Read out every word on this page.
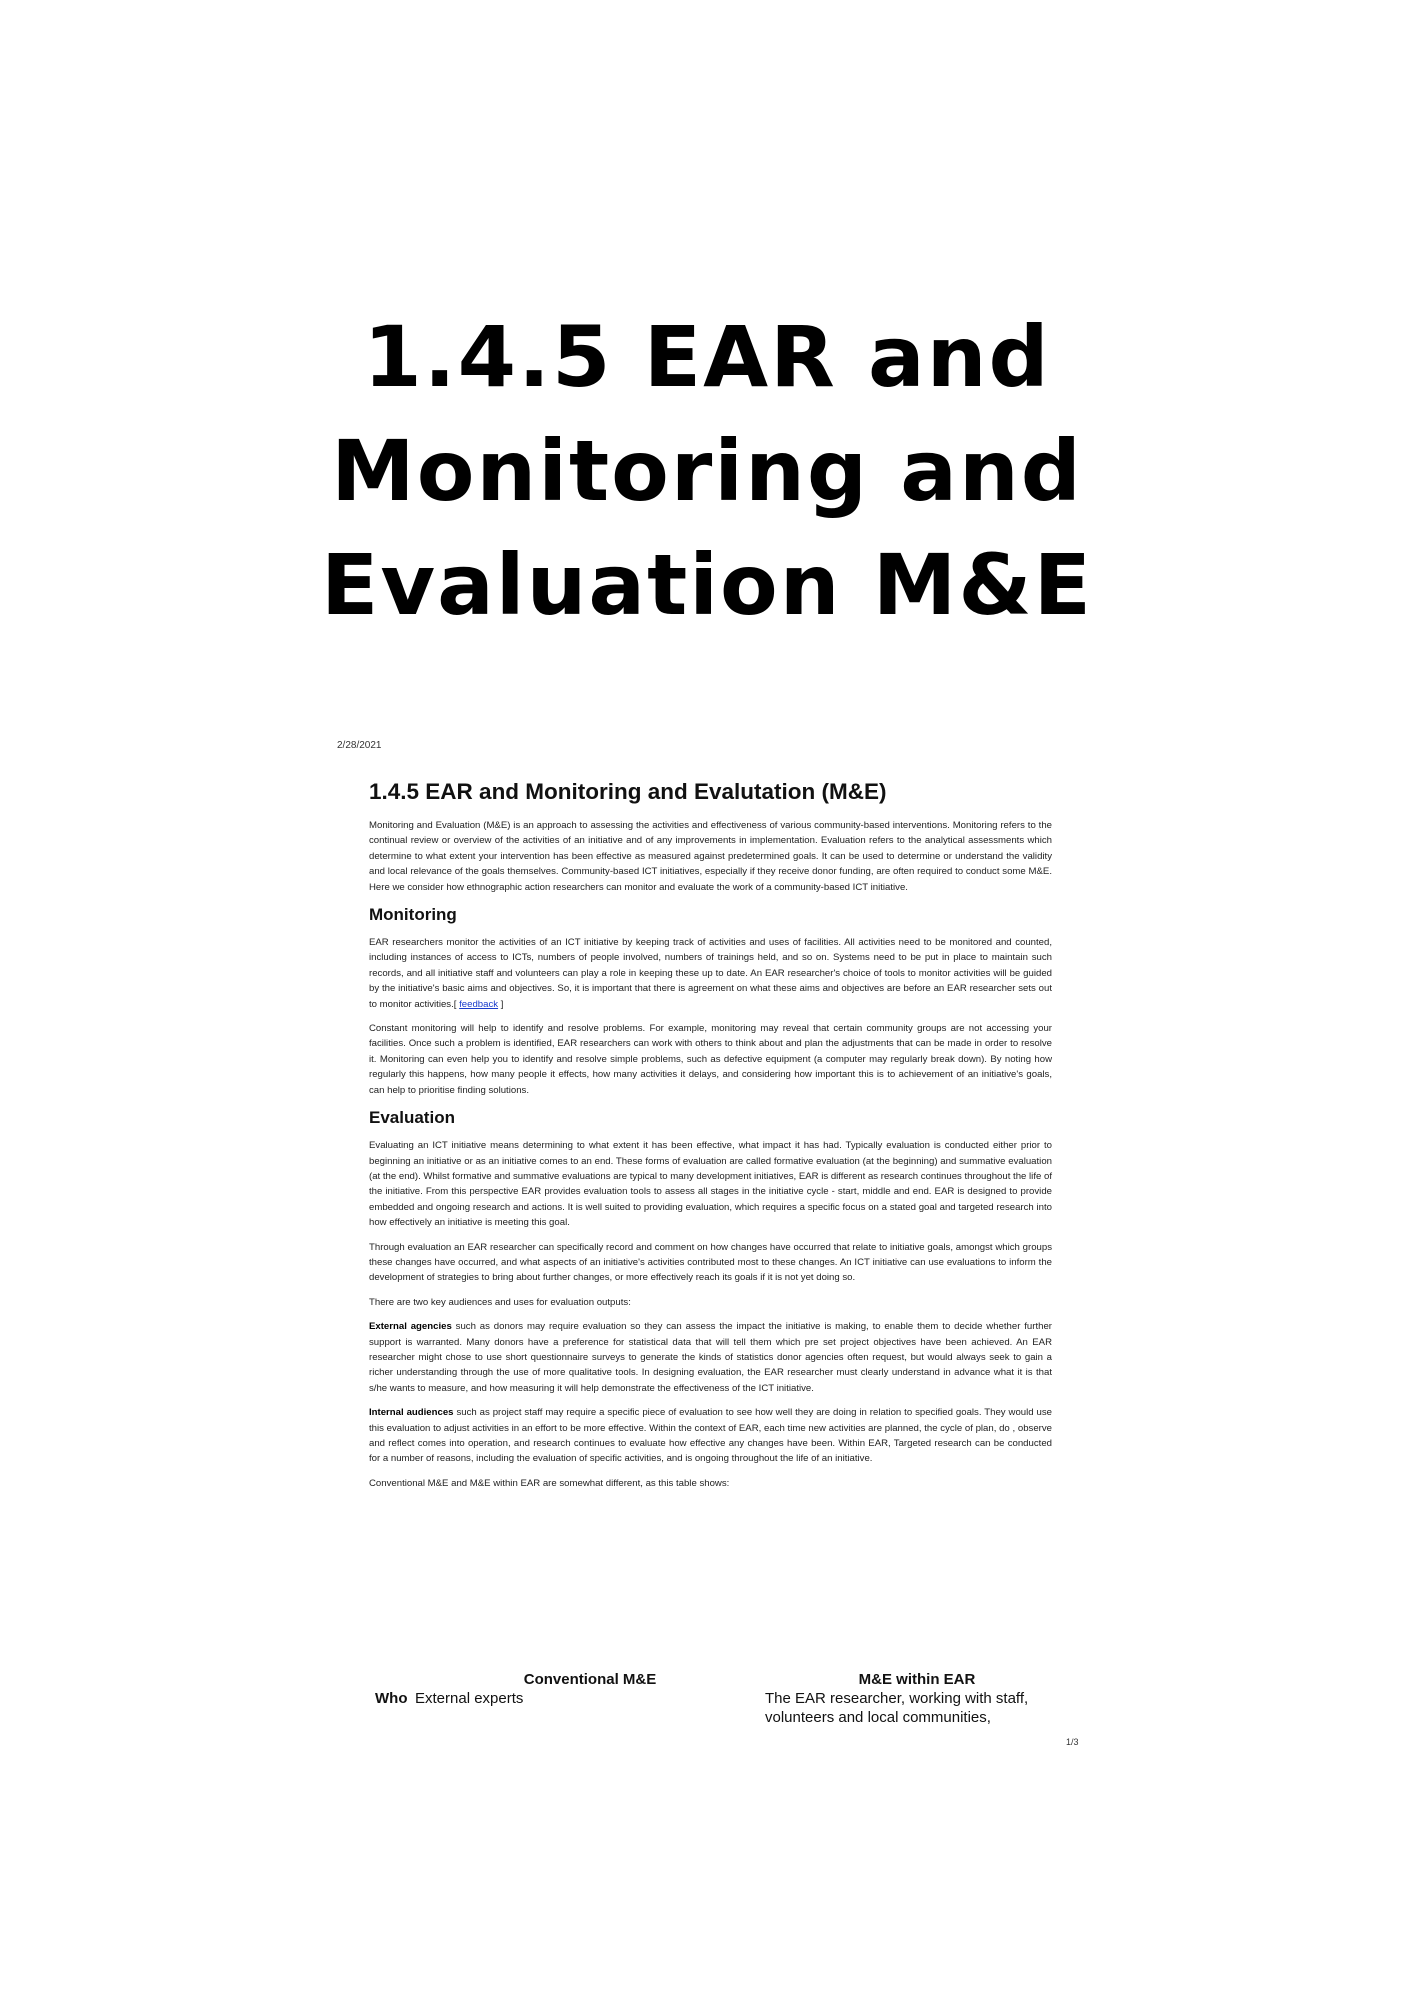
1.4.5 EAR and
Monitoring and
Evaluation M&E
2/28/2021
1.4.5 EAR and Monitoring and Evalutation (M&E)

Monitoring and Evaluation (M&E) is an approach to assessing the activities and effectiveness of various community-based interventions. Monitoring refers to the continual review or overview of the activities of an initiative and of any improvements in implementation. Evaluation refers to the analytical assessments which determine to what extent your intervention has been effective as measured against predetermined goals. It can be used to determine or understand the validity and local relevance of the goals themselves. Community-based ICT initiatives, especially if they receive donor funding, are often required to conduct some M&E. Here we consider how ethnographic action researchers can monitor and evaluate the work of a community-based ICT initiative.

Monitoring

EAR researchers monitor the activities of an ICT initiative by keeping track of activities and uses of facilities. All activities need to be monitored and counted, including instances of access to ICTs, numbers of people involved, numbers of trainings held, and so on. Systems need to be put in place to maintain such records, and all initiative staff and volunteers can play a role in keeping these up to date. An EAR researcher's choice of tools to monitor activities will be guided by the initiative's basic aims and objectives. So, it is important that there is agreement on what these aims and objectives are before an EAR researcher sets out to monitor activities.[ feedback ]

Constant monitoring will help to identify and resolve problems. For example, monitoring may reveal that certain community groups are not accessing your facilities. Once such a problem is identified, EAR researchers can work with others to think about and plan the adjustments that can be made in order to resolve it. Monitoring can even help you to identify and resolve simple problems, such as defective equipment (a computer may regularly break down). By noting how regularly this happens, how many people it effects, how many activities it delays, and considering how important this is to achievement of an initiative's goals, can help to prioritise finding solutions.

Evaluation

Evaluating an ICT initiative means determining to what extent it has been effective, what impact it has had. Typically evaluation is conducted either prior to beginning an initiative or as an initiative comes to an end. These forms of evaluation are called formative evaluation (at the beginning) and summative evaluation (at the end). Whilst formative and summative evaluations are typical to many development initiatives, EAR is different as research continues throughout the life of the initiative. From this perspective EAR provides evaluation tools to assess all stages in the initiative cycle - start, middle and end. EAR is designed to provide embedded and ongoing research and actions. It is well suited to providing evaluation, which requires a specific focus on a stated goal and targeted research into how effectively an initiative is meeting this goal.

Through evaluation an EAR researcher can specifically record and comment on how changes have occurred that relate to initiative goals, amongst which groups these changes have occurred, and what aspects of an initiative's activities contributed most to these changes. An ICT initiative can use evaluations to inform the development of strategies to bring about further changes, or more effectively reach its goals if it is not yet doing so.

There are two key audiences and uses for evaluation outputs:

External agencies such as donors may require evaluation so they can assess the impact the initiative is making, to enable them to decide whether further support is warranted. Many donors have a preference for statistical data that will tell them which pre set project objectives have been achieved. An EAR researcher might chose to use short questionnaire surveys to generate the kinds of statistics donor agencies often request, but would always seek to gain a richer understanding through the use of more qualitative tools. In designing evaluation, the EAR researcher must clearly understand in advance what it is that s/he wants to measure, and how measuring it will help demonstrate the effectiveness of the ICT initiative.

Internal audiences such as project staff may require a specific piece of evaluation to see how well they are doing in relation to specified goals. They would use this evaluation to adjust activities in an effort to be more effective. Within the context of EAR, each time new activities are planned, the cycle of plan, do , observe and reflect comes into operation, and research continues to evaluate how effective any changes have been. Within EAR, Targeted research can be conducted for a number of reasons, including the evaluation of specific activities, and is ongoing throughout the life of an initiative.

Conventional M&E and M&E within EAR are somewhat different, as this table shows:

	Conventional M&E	M&E within EAR
Who	External experts	The EAR researcher, working with staff, volunteers and local communities,
1/3
